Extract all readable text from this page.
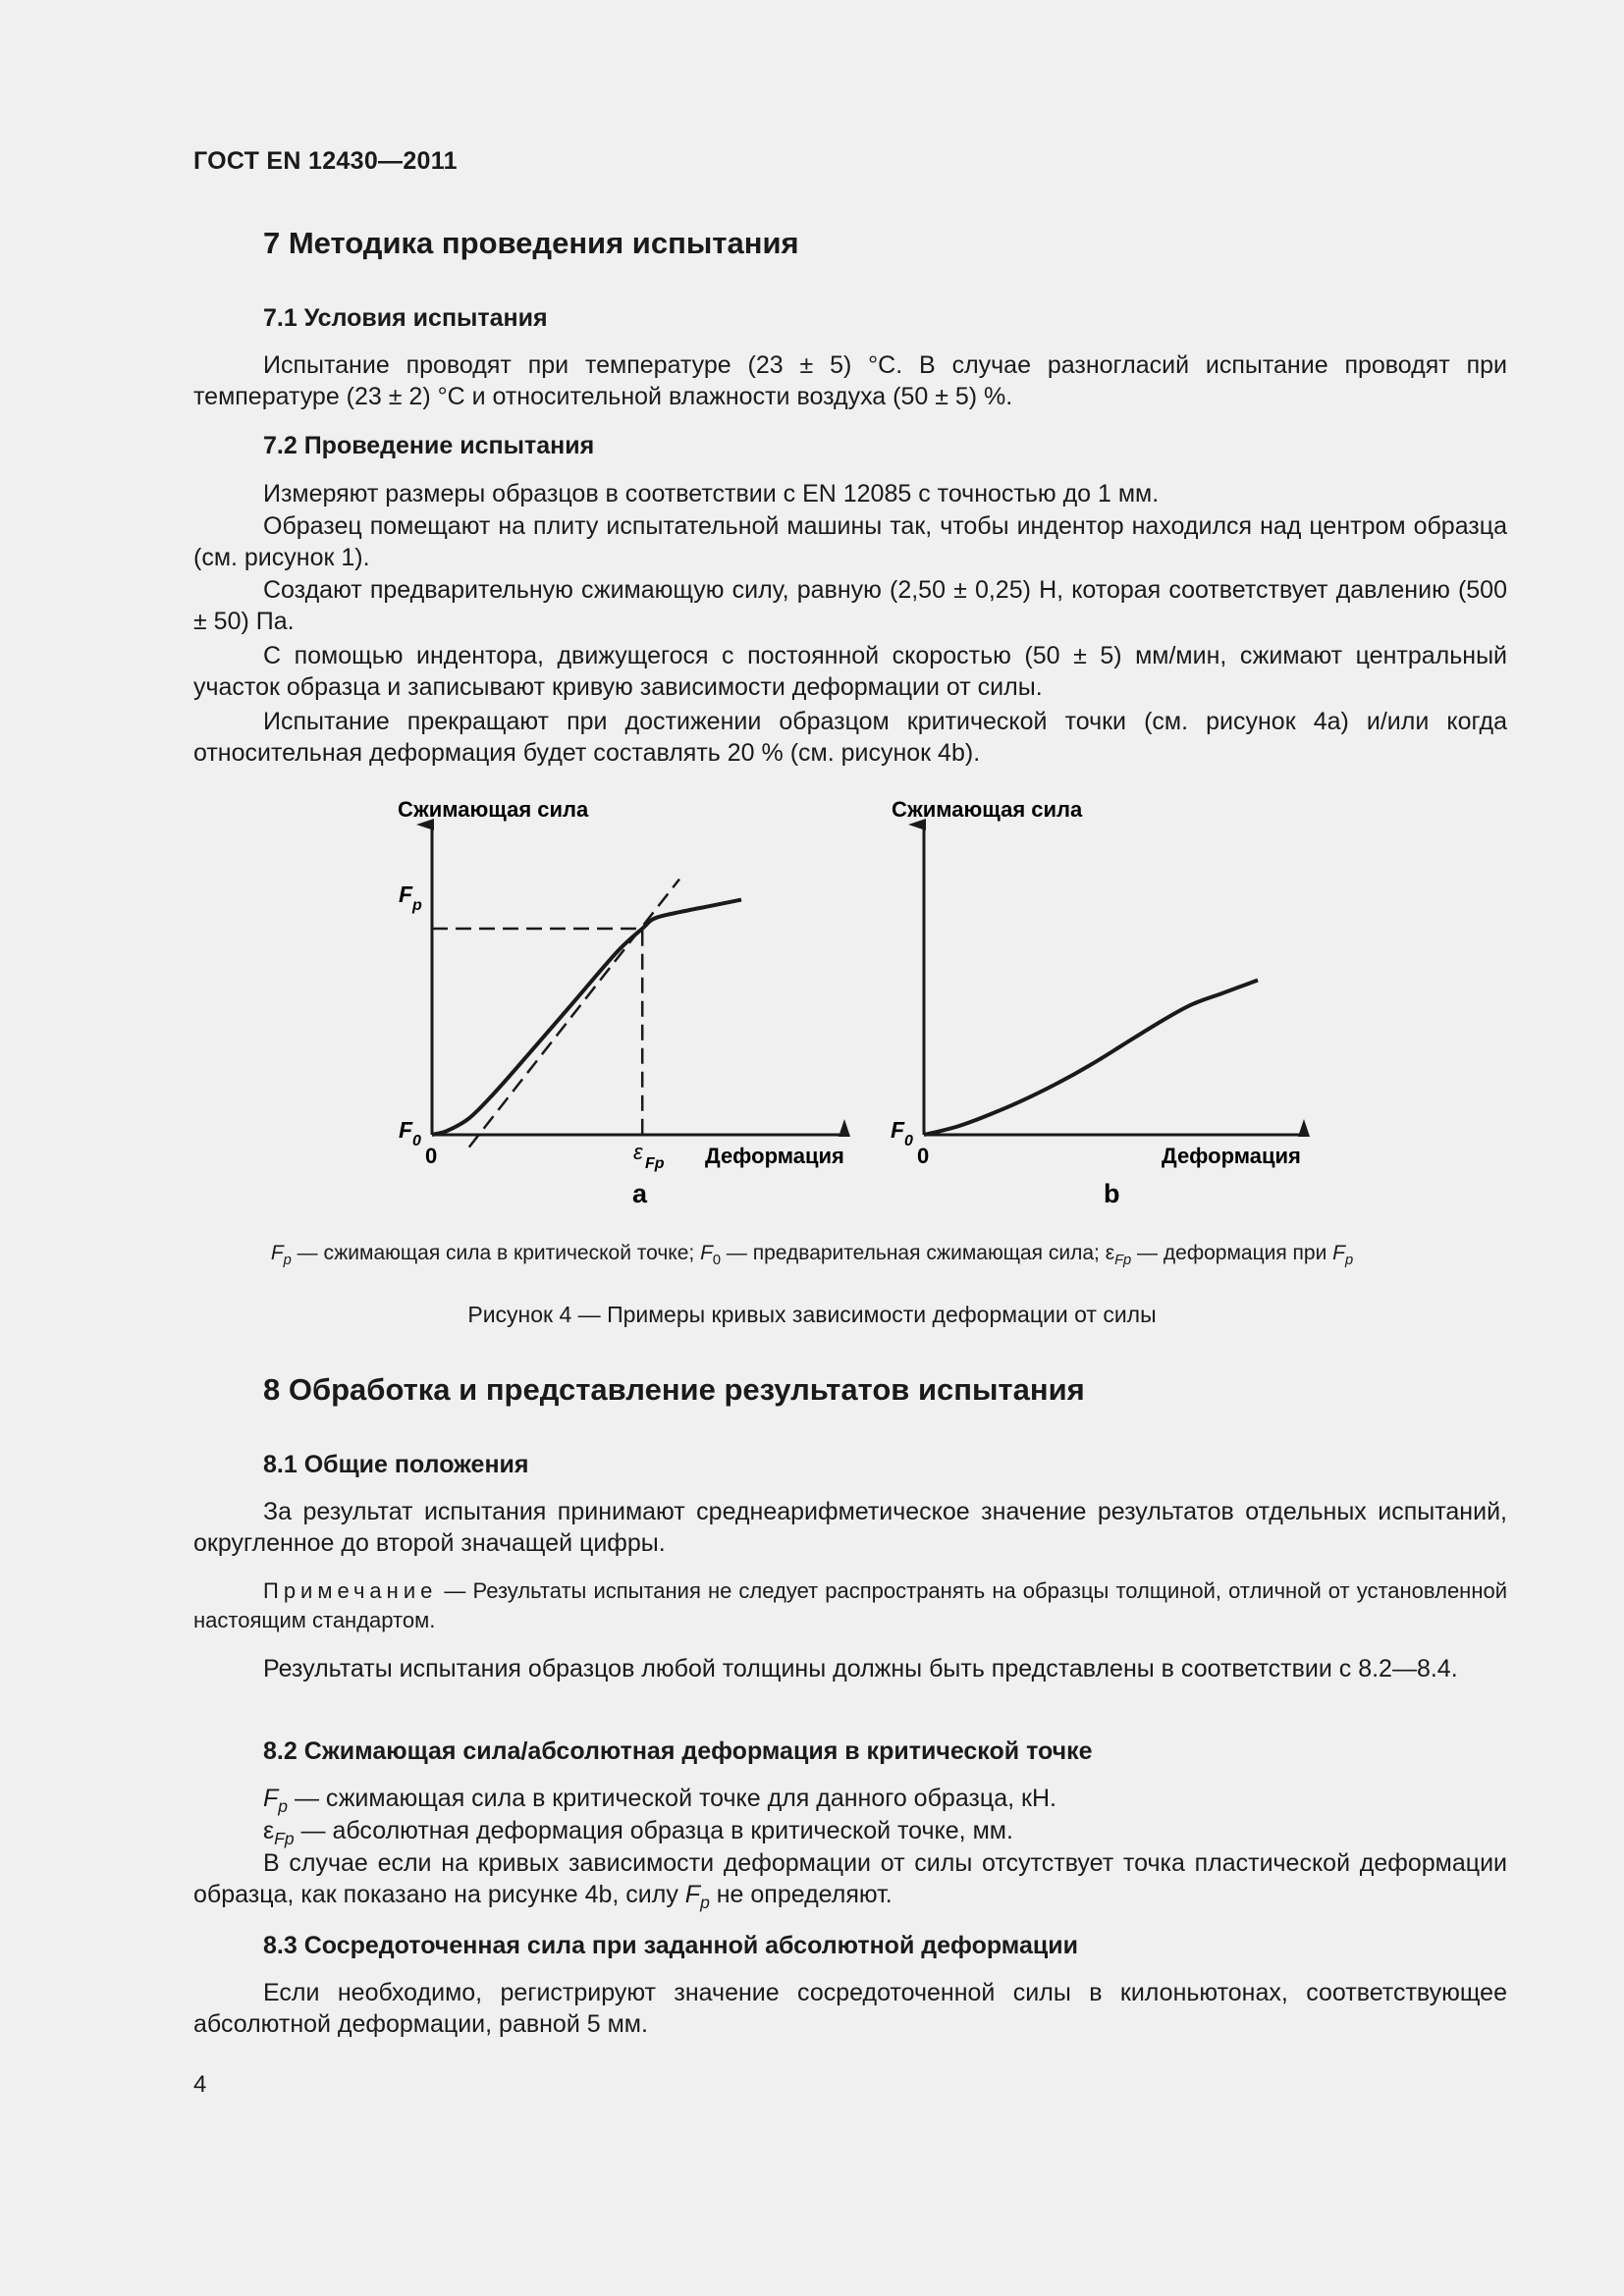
ГОСТ EN 12430—2011
7 Методика проведения испытания
7.1 Условия испытания

Испытание проводят при температуре (23 ± 5) °С. В случае разногласий испытание проводят при температуре (23 ± 2) °С и относительной влажности воздуха (50 ± 5) %.

7.2 Проведение испытания

Измеряют размеры образцов в соответствии с EN 12085 с точностью до 1 мм.

Образец помещают на плиту испытательной машины так, чтобы индентор находился над центром образца (см. рисунок 1).

Создают предварительную сжимающую силу, равную (2,50 ± 0,25) Н, которая соответствует давлению (500 ± 50) Па.

С помощью индентора, движущегося с постоянной скоростью (50 ± 5) мм/мин, сжимают центральный участок образца и записывают кривую зависимости деформации от силы.

Испытание прекращают при достижении образцом критической точки (см. рисунок 4а) и/или когда относительная деформация будет составлять 20 % (см. рисунок 4b).

Сжимающая сила
Деформация
0
F p
F 0	ε Fp
a
Сжимающая сила
Деформация
0
F 0
b
$F_p$ — сжимающая сила в критической точке; $F_0$ — предварительная сжимающая сила; $\varepsilon_{Fp}$ — деформация при $F_p$
Рисунок 4 — Примеры кривых зависимости деформации от силы
8 Обработка и представление результатов испытания
8.1 Общие положения

За результат испытания принимают среднеарифметическое значение результатов отдельных испытаний, округленное до второй значащей цифры.

Примечание — Результаты испытания не следует распространять на образцы толщиной, отличной от установленной настоящим стандартом.

Результаты испытания образцов любой толщины должны быть представлены в соответствии с 8.2—8.4.

8.2 Сжимающая сила/абсолютная деформация в критической точке
$F_p$ — сжимающая сила в критической точке для данного образца, кН.
$\varepsilon_{Fp}$ — абсолютная деформация образца в критической точке, мм.

В случае если на кривых зависимости деформации от силы отсутствует точка пластической деформации образца, как показано на рисунке 4b, силу $F_p$ не определяют.

8.3 Сосредоточенная сила при заданной абсолютной деформации

Если необходимо, регистрируют значение сосредоточенной силы в килоньютонах, соответствующее абсолютной деформации, равной 5 мм.

4
